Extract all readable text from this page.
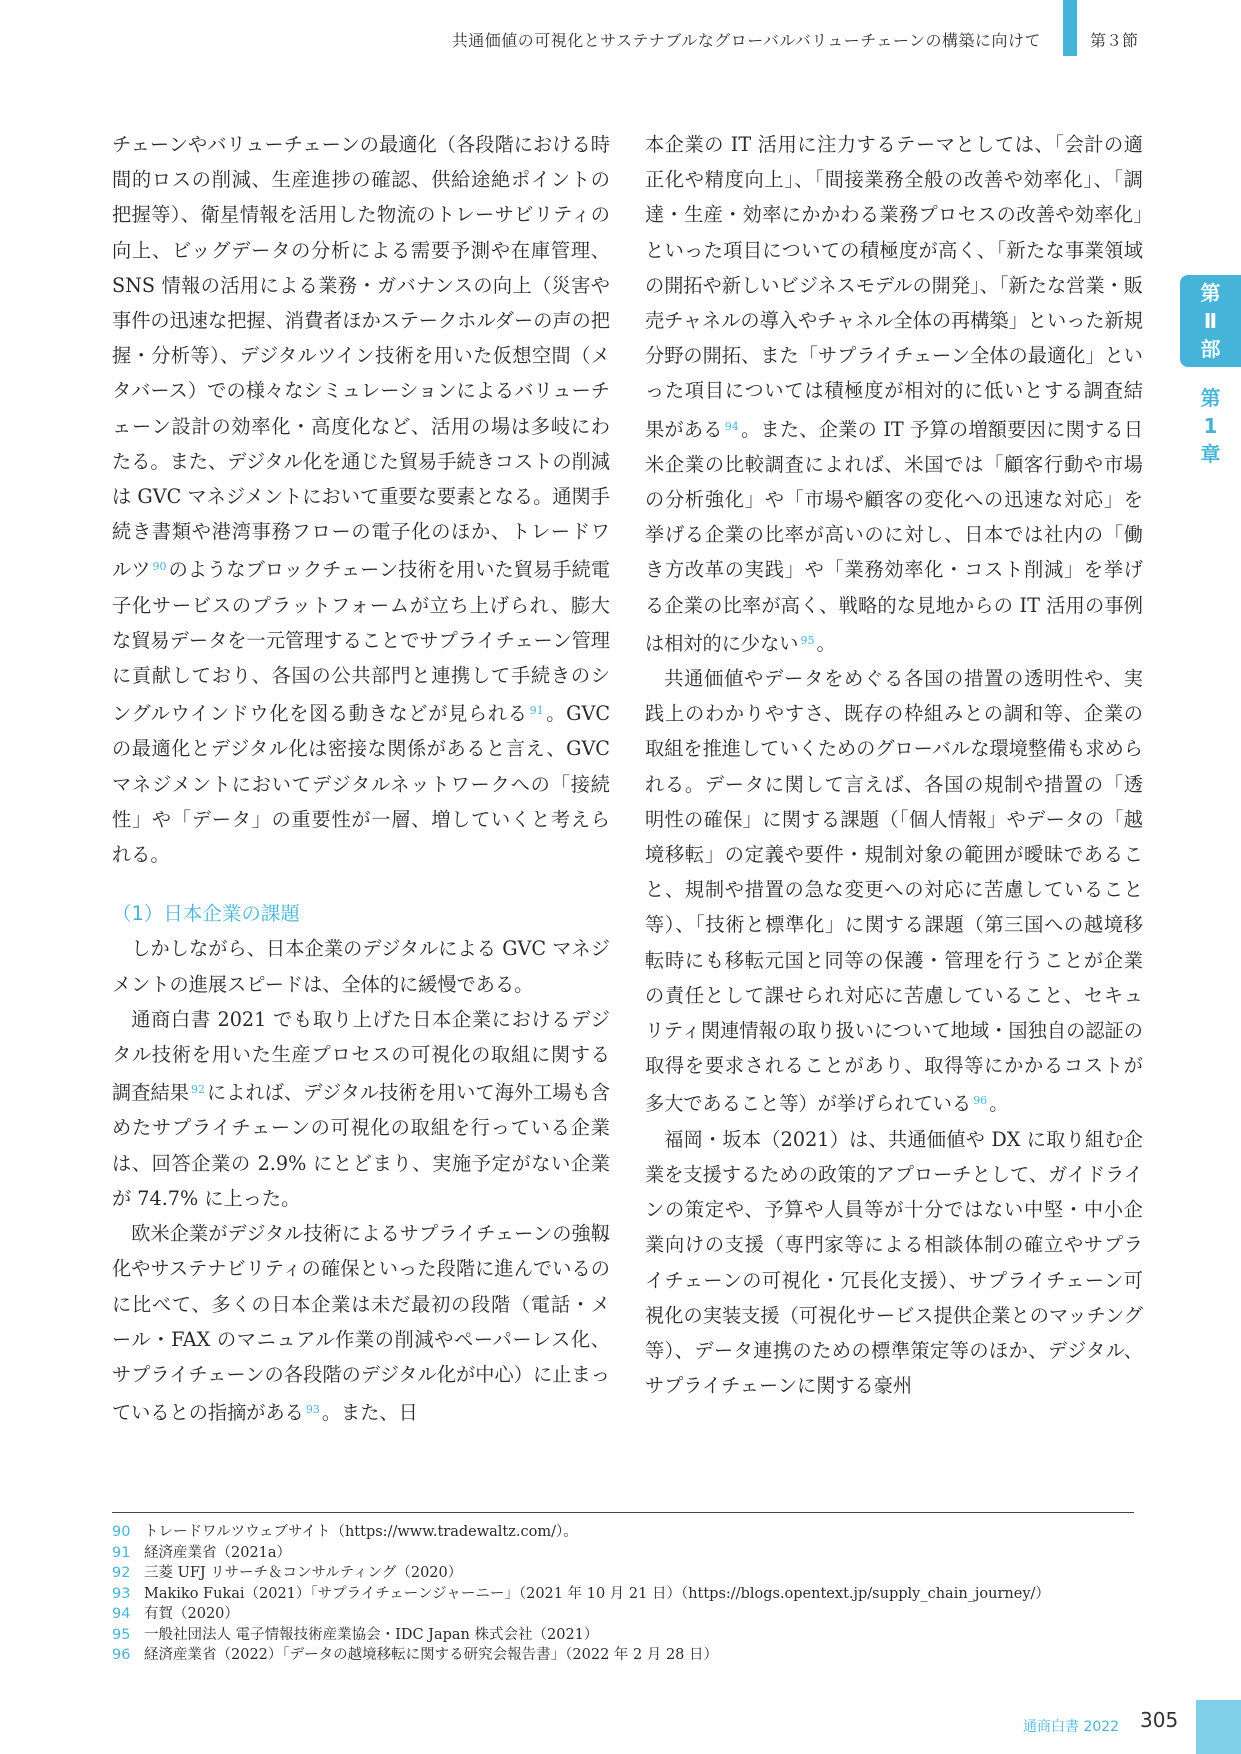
共通価値の可視化とサステナブルなグローバルバリューチェーンの構築に向けて	第３節
第
Ⅱ
部
第
1
章

チェーンやバリューチェーンの最適化（各段階における時間的ロスの削減、生産進捗の確認、供給途絶ポイントの把握等）、衛星情報を活用した物流のトレーサビリティの向上、ビッグデータの分析による需要予測や在庫管理、SNS 情報の活用による業務・ガバナンスの向上（災害や事件の迅速な把握、消費者ほかステークホルダーの声の把握・分析等）、デジタルツイン技術を用いた仮想空間（メタバース）での様々なシミュレーションによるバリューチェーン設計の効率化・高度化など、活用の場は多岐にわたる。また、デジタル化を通じた貿易手続きコストの削減は GVC マネジメントにおいて重要な要素となる。通関手続き書類や港湾事務フローの電子化のほか、トレードワルツ $^{90}$ のようなブロックチェーン技術を用いた貿易手続電子化サービスのプラットフォームが立ち上げられ、膨大な貿易データを一元管理することでサプライチェーン管理に貢献しており、各国の公共部門と連携して手続きのシングルウインドウ化を図る動きなどが見られる $^{91}$ 。GVC の最適化とデジタル化は密接な関係があると言え、GVC マネジメントにおいてデジタルネットワークへの「接続性」や「データ」の重要性が一層、増していくと考えられる。

（1）日本企業の課題

しかしながら、日本企業のデジタルによる GVC マネジメントの進展スピードは、全体的に緩慢である。

通商白書 2021 でも取り上げた日本企業におけるデジタル技術を用いた生産プロセスの可視化の取組に関する調査結果 $^{92}$ によれば、デジタル技術を用いて海外工場も含めたサプライチェーンの可視化の取組を行っている企業は、回答企業の 2.9% にとどまり、実施予定がない企業が 74.7% に上った。

欧米企業がデジタル技術によるサプライチェーンの強靱化やサステナビリティの確保といった段階に進んでいるのに比べて、多くの日本企業は未だ最初の段階（電話・メール・FAX のマニュアル作業の削減やペーパーレス化、サプライチェーンの各段階のデジタル化が中心）に止まっているとの指摘がある $^{93}$ 。また、日

本企業の IT 活用に注力するテーマとしては、「会計の適正化や精度向上」、「間接業務全般の改善や効率化」、「調達・生産・効率にかかわる業務プロセスの改善や効率化」といった項目についての積極度が高く、「新たな事業領域の開拓や新しいビジネスモデルの開発」、「新たな営業・販売チャネルの導入やチャネル全体の再構築」といった新規分野の開拓、また「サプライチェーン全体の最適化」といった項目については積極度が相対的に低いとする調査結果がある $^{94}$ 。また、企業の IT 予算の増額要因に関する日米企業の比較調査によれば、米国では「顧客行動や市場の分析強化」や「市場や顧客の変化への迅速な対応」を挙げる企業の比率が高いのに対し、日本では社内の「働き方改革の実践」や「業務効率化・コスト削減」を挙げる企業の比率が高く、戦略的な見地からの IT 活用の事例は相対的に少ない $^{95}$ 。

共通価値やデータをめぐる各国の措置の透明性や、実践上のわかりやすさ、既存の枠組みとの調和等、企業の取組を推進していくためのグローバルな環境整備も求められる。データに関して言えば、各国の規制や措置の「透明性の確保」に関する課題（「個人情報」やデータの「越境移転」の定義や要件・規制対象の範囲が曖昧であること、規制や措置の急な変更への対応に苦慮していること等）、「技術と標準化」に関する課題（第三国への越境移転時にも移転元国と同等の保護・管理を行うことが企業の責任として課せられ対応に苦慮していること、セキュリティ関連情報の取り扱いについて地域・国独自の認証の取得を要求されることがあり、取得等にかかるコストが多大であること等）が挙げられている $^{96}$ 。

福岡・坂本（2021）は、共通価値や DX に取り組む企業を支援するための政策的アプローチとして、ガイドラインの策定や、予算や人員等が十分ではない中堅・中小企業向けの支援（専門家等による相談体制の確立やサプライチェーンの可視化・冗長化支援）、サプライチェーン可視化の実装支援（可視化サービス提供企業とのマッチング等）、データ連携のための標準策定等のほか、デジタル、サプライチェーンに関する豪州

90 トレードワルツウェブサイト（https://www.tradewaltz.com/）。
91 経済産業省（2021a）
92 三菱 UFJ リサーチ＆コンサルティング（2020）
93 Makiko Fukai（2021）「サプライチェーンジャーニー」（2021 年 10 月 21 日）（https://blogs.opentext.jp/supply_chain_journey/）
94 有賀（2020）
95 一般社団法人 電子情報技術産業協会・IDC Japan 株式会社（2021）
96 経済産業省（2022）「データの越境移転に関する研究会報告書」（2022 年 2 月 28 日）
通商白書 2022 305
